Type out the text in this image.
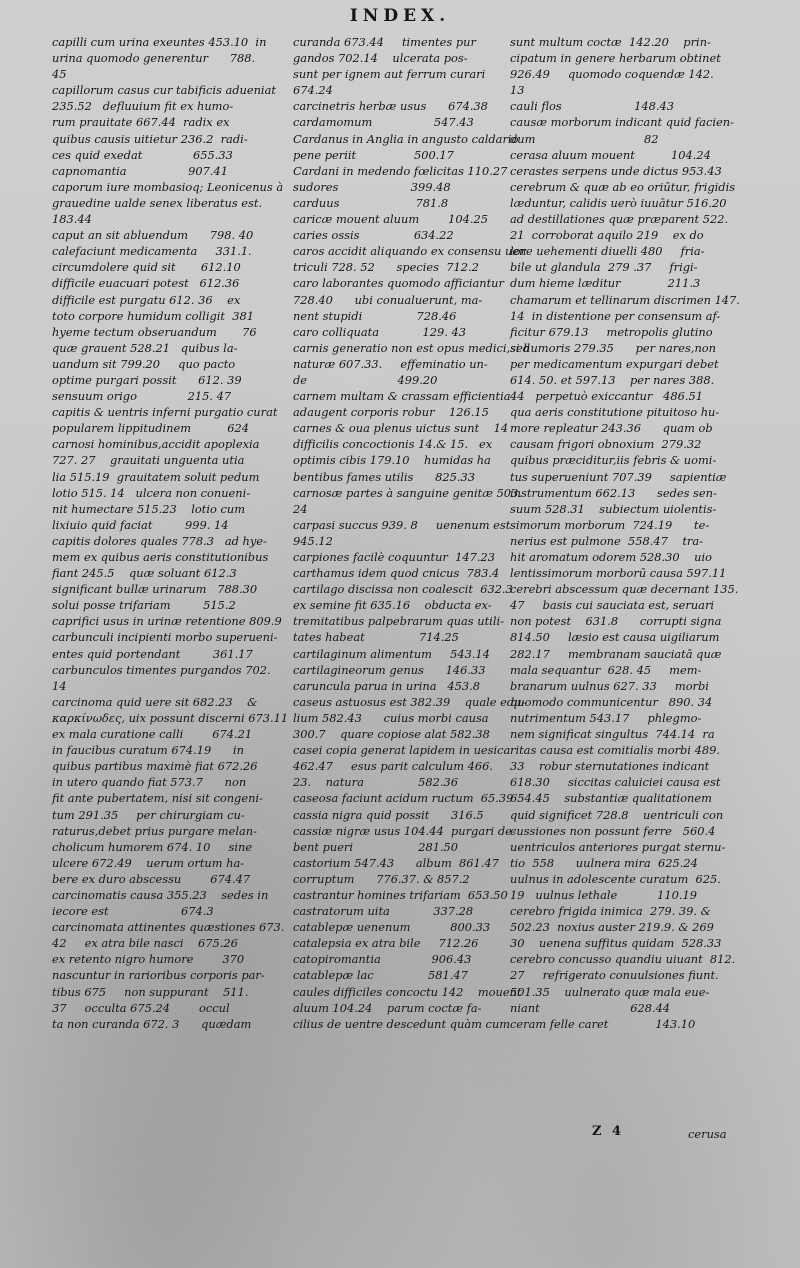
INDEX.
capilli cum urina exeuntes 453.10  in
urina quomodo generentur      788.
45
capillorum casus cur tabificis adueniat
235.52   defluuium fit ex humo-
rum prauitate 667.44  radix ex
quibus causis uitietur 236.2  radi-
ces quid exedat              655.33
capnomantia                 907.41
caporum iure mombasioq; Leonicenus à
grauedine ualde senex liberatus est.
183.44
caput an sit abluendum      798. 40
calefaciunt medicamenta     331.1.
circumdolere quid sit       612.10
difficile euacuari potest   612.36
difficile est purgatu 612. 36    ex
toto corpore humidum colligit  381
hyeme tectum obseruandum       76
quæ grauent 528.21   quibus la-
uandum sit 799.20     quo pacto
optime purgari possit      612. 39
sensuum origo              215. 47
capitis & uentris inferni purgatio curat
popularem lippitudinem          624
carnosi hominibus,accidit apoplexia
727. 27    grauitati unguenta utia
lia 515.19  grauitatem soluit pedum
lotio 515. 14   ulcera non conueni-
nit humectare 515.23    lotio cum
lixiuio quid faciat         999. 14
capitis dolores quales 778.3   ad hye-
mem ex quibus aeris constitutionibus
fiant 245.5    quæ soluant 612.3
significant bullæ urinarum   788.30
solui posse trifariam         515.2
caprifici usus in urinæ retentione 809.9
carbunculi incipienti morbo superueni-
entes quid portendant         361.17
carbunculos timentes purgandos 702.
14
carcinoma quid uere sit 682.23    &
καρκίνωδες, uix possunt discerni 673.11
ex mala curatione calli        674.21
in faucibus curatum 674.19      in
quibus partibus maximè fiat 672.26
in utero quando fiat 573.7      non
fit ante pubertatem, nisi sit congeni-
tum 291.35     per chirurgiam cu-
raturus,debet prius purgare melan-
cholicum humorem 674. 10     sine
ulcere 672.49    uerum ortum ha-
bere ex duro abscessu        674.47
carcinomatis causa 355.23    sedes in
iecore est                    674.3
carcinomata attinentes quæstiones 673.
42     ex atra bile nasci    675.26
ex retento nigro humore        370
nascuntur in rarioribus corporis par-
tibus 675     non suppurant    511.
37     occulta 675.24        occul
ta non curanda 672. 3      quædam
curanda 673.44     timentes pur
gandos 702.14    ulcerata pos-
sunt per ignem aut ferrum curari
674.24
carcinetris herbæ usus      674.38
cardamomum                 547.43
Cardanus in Anglia in angusto caldario
pene periit                500.17
Cardani in medendo fœlicitas 110.27
sudores                    399.48
carduus                     781.8
caricæ mouent aluum        104.25
caries ossis               634.22
caros accidit aliquando ex consensu uen
triculi 728. 52      species  712.2
caro laborantes quomodo afficiantur
728.40      ubi conualuerunt, ma-
nent stupidi               728.46
caro colliquata            129. 43
carnis generatio non est opus medici,sed
naturæ 607.33.     effeminatio un-
de                         499.20
carnem multam & crassam efficientia
adaugent corporis robur    126.15
carnes & oua plenus uictus sunt    14
difficilis concoctionis 14.& 15.   ex
optimis cibis 179.10    humidas ha
bentibus fames utilis      825.33
carnosæ partes à sanguine genitæ 503.
24
carpasi succus 939. 8     uenenum est
945.12
carpiones facilè coquuntur  147.23
carthamus idem quod cnicus  783.4
cartilago discissa non coalescit  632.3
ex semine fit 635.16    obducta ex-
tremitatibus palpebrarum quas utili-
tates habeat               714.25
cartilaginum alimentum     543.14
cartilagineorum genus      146.33
caruncula parua in urina   453.8
caseus astuosus est 382.39    quale edu-
lium 582.43      cuius morbi causa
300.7    quare copiose alat 582.38
casei copia generat lapidem in uesica
462.47     esus parit calculum 466.
23.    natura               582.36
caseosa faciunt acidum ructum  65.39
cassia nigra quid possit      316.5
cassiæ nigræ usus 104.44  purgari de-
bent pueri                  281.50
castorium 547.43      album  861.47
corruptum      776.37. & 857.2
castrantur homines trifariam  653.50
castratorum uita            337.28
catablepæ uenenum           800.33
catalepsia ex atra bile     712.26
catopiromantia              906.43
catablepæ lac               581.47
caules difficiles concoctu 142    mouent
aluum 104.24    parum coctæ fa-
cilius de uentre descedunt quàm cum
sunt multum coctæ  142.20    prin-
cipatum in genere herbarum obtinet
926.49     quomodo coquendæ 142.
13
cauli flos                    148.43
causæ morborum indicant quid facien-
dum                              82
cerasa aluum mouent          104.24
cerastes serpens unde dictus 953.43
cerebrum & quæ ab eo oriūtur, frigidis
læduntur, calidis uerò iuuātur 516.20
ad destillationes quæ præparent 522.
21  corroborat aquilo 219    ex do
lore uehementi diuelli 480     fria-
bile ut glandula  279 .37     frigi-
dum hieme læditur             211.3
chamarum et tellinarum discrimen 147.
14  in distentione per consensum af-
ficitur 679.13     metropolis glutino
si humoris 279.35      per nares,non
per medicamentum expurgari debet
614. 50. et 597.13    per nares 388.
44   perpetuò exiccantur   486.51
qua aeris constitutione pituitoso hu-
more repleatur 243.36      quam ob
causam frigori obnoxium  279.32
quibus præciditur,iis febris & uomi-
tus superueniunt 707.39     sapientiæ
instrumentum 662.13      sedes sen-
suum 528.31    subiectum uiolentis-
simorum morborum  724.19      te-
nerius est pulmone  558.47    tra-
hit aromatum odorem 528.30    uio
lentissimorum morborū causa 597.11
cerebri abscessum quæ decernant 135.
47     basis cui sauciata est, seruari
non potest    631.8      corrupti signa
814.50     læsio est causa uigiliarum
282.17     membranam sauciatā quæ
mala sequantur  628. 45     mem-
branarum uulnus 627. 33     morbi
quomodo communicentur   890. 34
nutrimentum 543.17     phlegmo-
nem significat singultus  744.14  ra
ritas causa est comitialis morbi 489.
33    robur sternutationes indicant
618.30     siccitas caluiciei causa est
654.45    substantiæ qualitationem
quid significet 728.8    uentriculi con
cussiones non possunt ferre   560.4
uentriculos anteriores purgat sternu-
tio  558      uulnera mira  625.24
uulnus in adolescente curatum  625.
19   uulnus lethale           110.19
cerebro frigida inimica  279. 39. &
502.23  noxius auster 219.9. & 269
30    uenena suffitus quidam  528.33
cerebro concusso quandiu uiuant  812.
27     refrigerato conuulsiones fiunt.
501.35    uulnerato quæ mala eue-
niant                         628.44
ceram felle caret             143.10
Z 4	cerusa
